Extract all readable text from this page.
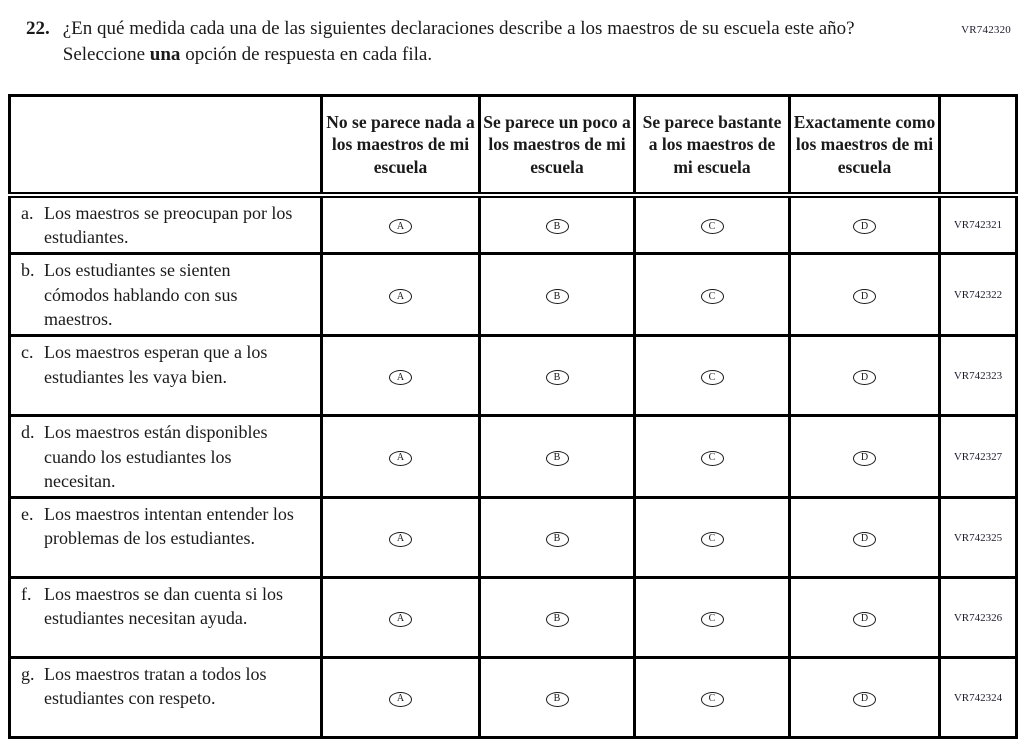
VR742320
22. ¿En qué medida cada una de las siguientes declaraciones describe a los maestros de su escuela este año? Seleccione una opción de respuesta en cada fila.

	No se parece nada a los maestros de mi escuela	Se parece un poco a los maestros de mi escuela	Se parece bastante a los maestros de mi escuela	Exactamente como los maestros de mi escuela	

a. Los maestros se preocupan por los estudiantes.	A	B	C	D	VR742321

b. Los estudiantes se sienten cómodos hablando con sus maestros.	A	B	C	D	VR742322

c. Los maestros esperan que a los estudiantes les vaya bien.	A	B	C	D	VR742323

d. Los maestros están disponibles cuando los estudiantes los necesitan.	A	B	C	D	VR742327

e. Los maestros intentan entender los problemas de los estudiantes.	A	B	C	D	VR742325

f. Los maestros se dan cuenta si los estudiantes necesitan ayuda.	A	B	C	D	VR742326

g. Los maestros tratan a todos los estudiantes con respeto.	A	B	C	D	VR742324
